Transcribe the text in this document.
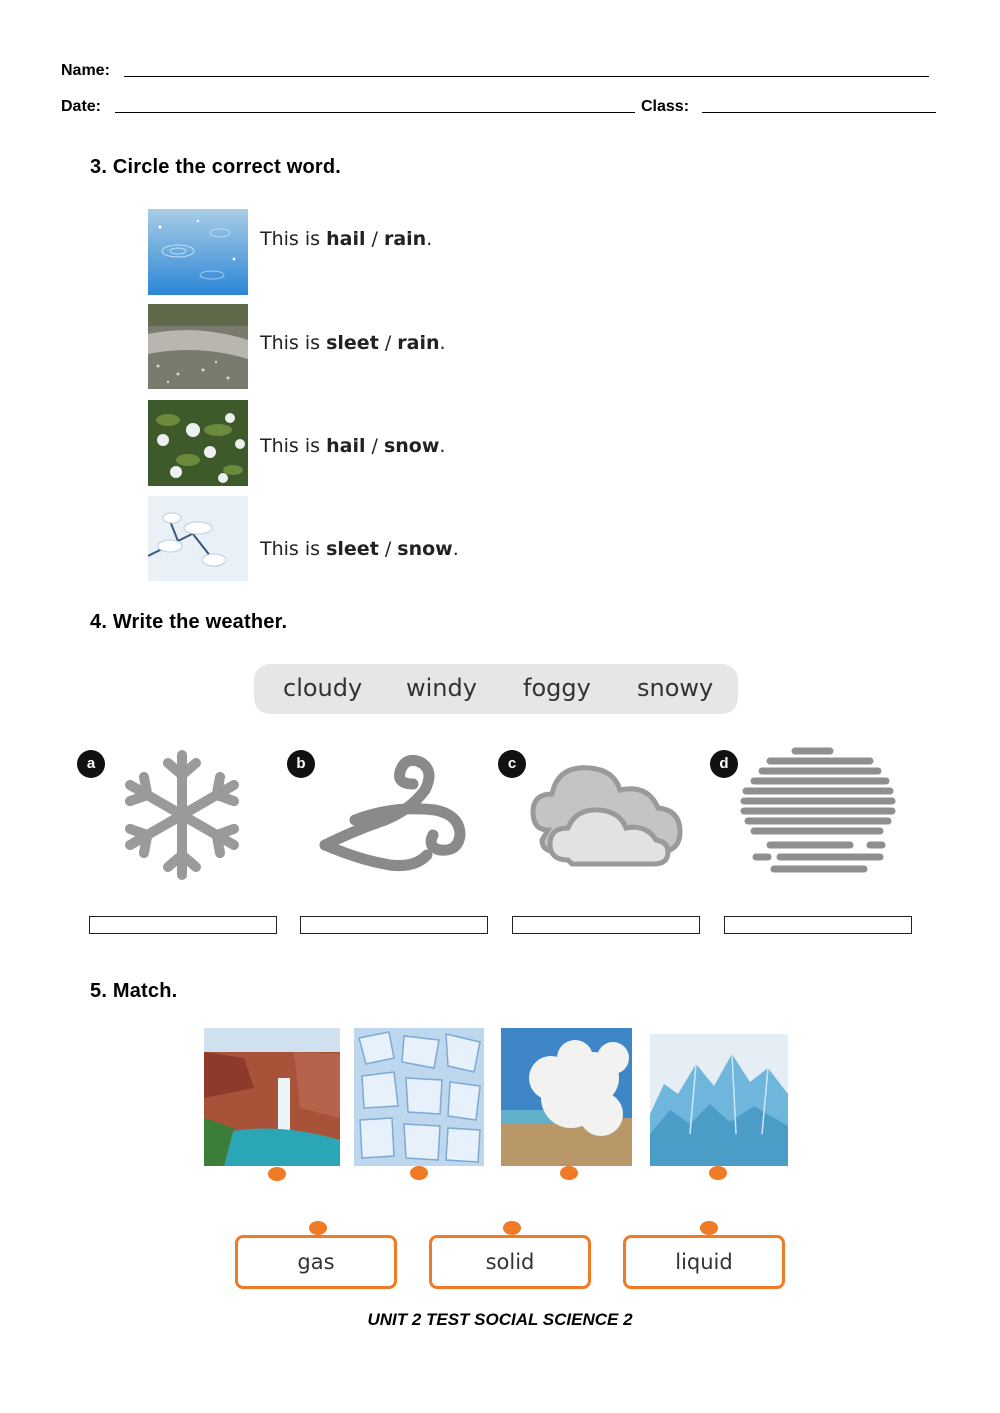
Name:
Date:	Class:
3. Circle the correct word.
This is hail / rain.
This is sleet / rain.
This is hail / snow.
This is sleet / snow.
4. Write the weather.
cloudy windy foggy snowy
a	b	c	d
5. Match.
gas	solid	liquid
UNIT 2 TEST SOCIAL SCIENCE 2
